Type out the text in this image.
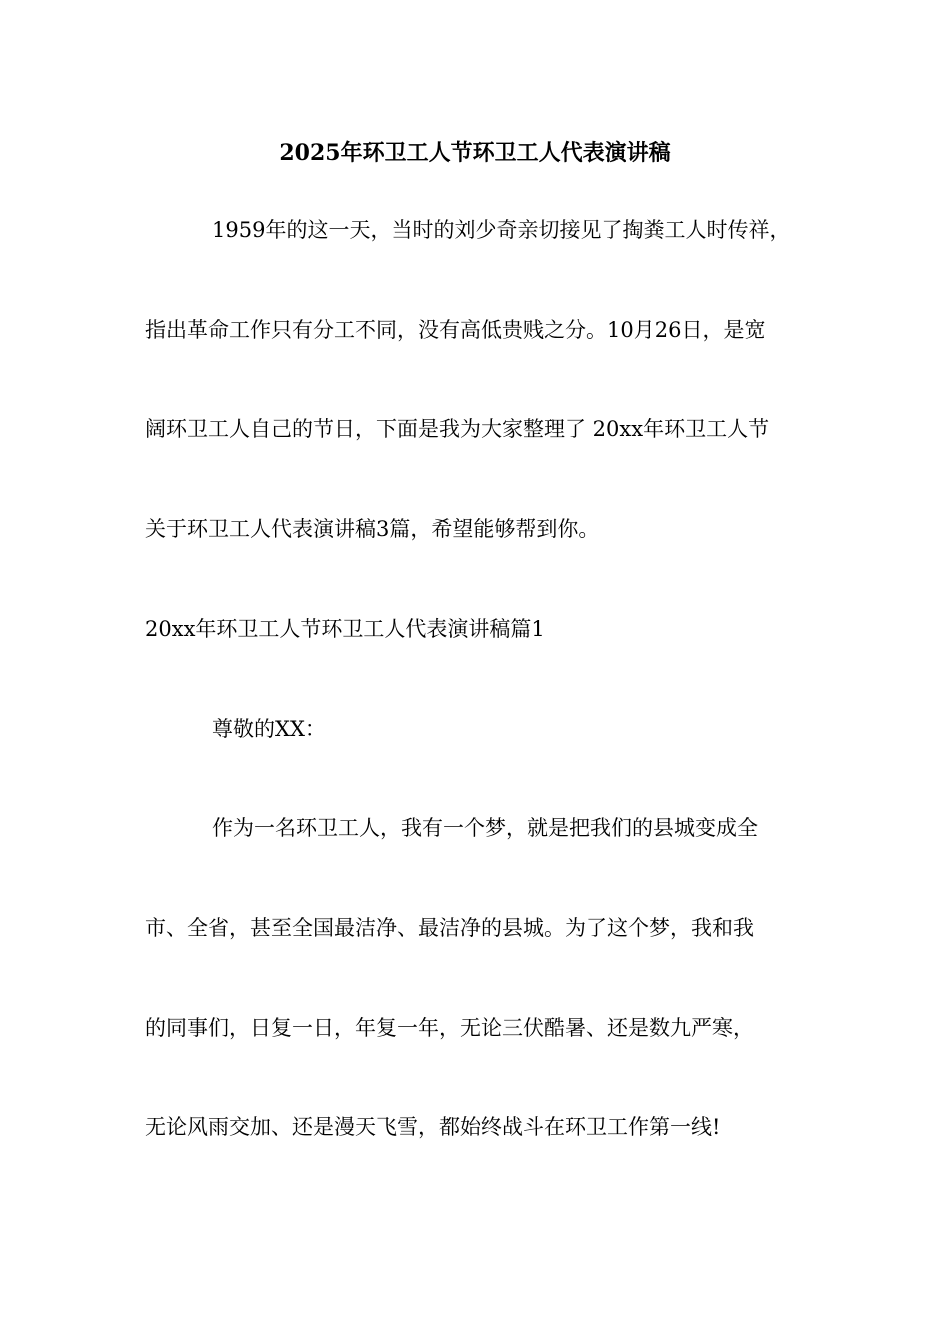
2025年环卫工人节环卫工人代表演讲稿
1959年的这一天，当时的刘少奇亲切接见了掏粪工人时传祥，
指出革命工作只有分工不同，没有高低贵贱之分。10月26日，是宽
阔环卫工人自己的节日，下面是我为大家整理了 20xx年环卫工人节
关于环卫工人代表演讲稿3篇，希望能够帮到你。
20xx年环卫工人节环卫工人代表演讲稿篇1
尊敬的XX：
作为一名环卫工人，我有一个梦，就是把我们的县城变成全
市、全省，甚至全国最洁净、最洁净的县城。为了这个梦，我和我
的同事们，日复一日，年复一年，无论三伏酷暑、还是数九严寒，
无论风雨交加、还是漫天飞雪，都始终战斗在环卫工作第一线!
